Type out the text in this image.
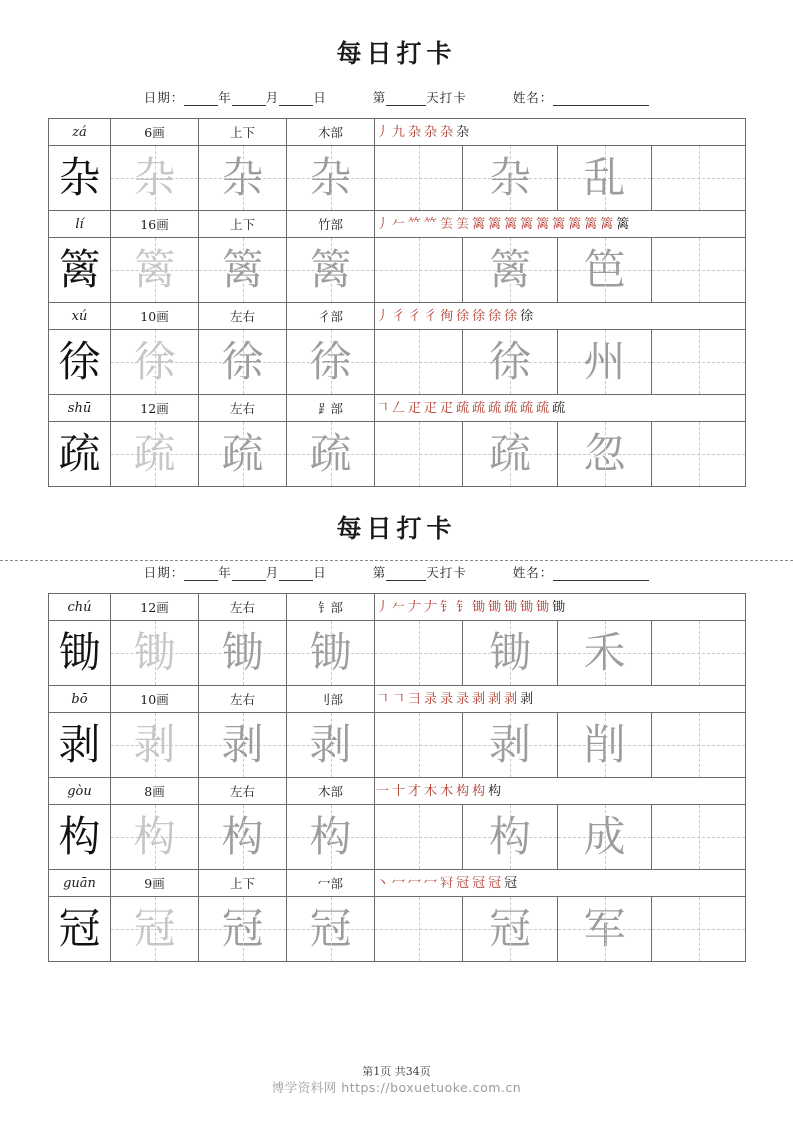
每日打卡
日期：	年	月	日
	第	天打卡
	姓名：
zá	6画	上下	木部	丿 九 杂 杂 杂 杂

杂	杂	杂	杂		杂	乱	

lí	16画	上下	竹部	丿 𠂉 𥫗 𥫗 𥬔 𥬔 篱 篱 篱 篱 篱 篱 篱 篱 篱 篱

篱	篱	篱	篱		篱	笆	

xú	10画	左右	彳部	丿 彳 彳 彳 徇 徐 徐 徐 徐 徐

徐	徐	徐	徐		徐	州	

shū	12画	左右	⻊部	𠃍 𠃋 疋 疋 疋 疏 疏 疏 疏 疏 疏 疏

疏	疏	疏	疏		疏	忽	

每日打卡
日期：	年	月	日
	第	天打卡
	姓名：
chú	12画	左右	钅部	丿 𠂉 𠂇 𠂇 钅 钅 锄 锄 锄 锄 锄 锄

锄	锄	锄	锄		锄	禾	

bō	10画	左右	刂部	𠃍 𠃍 彐 录 录 录 剥 剥 剥 剥

剥	剥	剥	剥		剥	削	

gòu	8画	左右	木部	一 十 才 木 木 构 构 构

构	构	构	构		构	成	

guān	9画	上下	冖部	丶 冖 冖 冖 𠖌 冠 冠 冠 冠

冠	冠	冠	冠		冠	军	

第1页 共34页
博学资料网 https://boxuetuoke.com.cn
